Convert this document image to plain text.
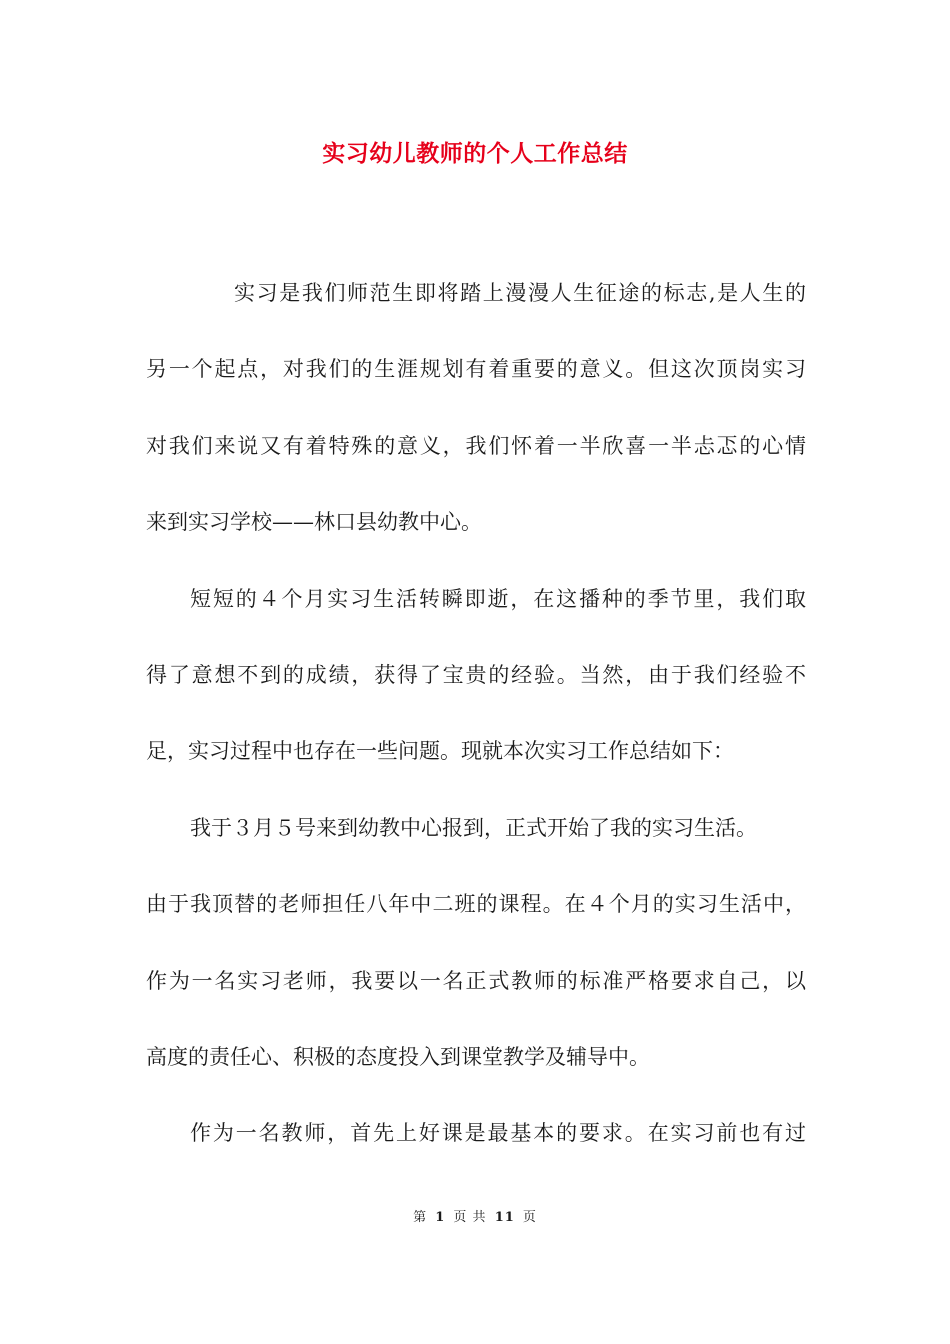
实习幼儿教师的个人工作总结
实习是我们师范生即将踏上漫漫人生征途的标志,是人生的
另一个起点，对我们的生涯规划有着重要的意义。但这次顶岗实习
对我们来说又有着特殊的意义，我们怀着一半欣喜一半忐忑的心情
来到实习学校——林口县幼教中心。
短短的４个月实习生活转瞬即逝，在这播种的季节里，我们取
得了意想不到的成绩，获得了宝贵的经验。当然，由于我们经验不
足，实习过程中也存在一些问题。现就本次实习工作总结如下：
我于３月５号来到幼教中心报到，正式开始了我的实习生活。
由于我顶替的老师担任八年中二班的课程。在４个月的实习生活中，
作为一名实习老师，我要以一名正式教师的标准严格要求自己，以
高度的责任心、积极的态度投入到课堂教学及辅导中。
作为一名教师，首先上好课是最基本的要求。在实习前也有过
第 1 页 共 11 页
